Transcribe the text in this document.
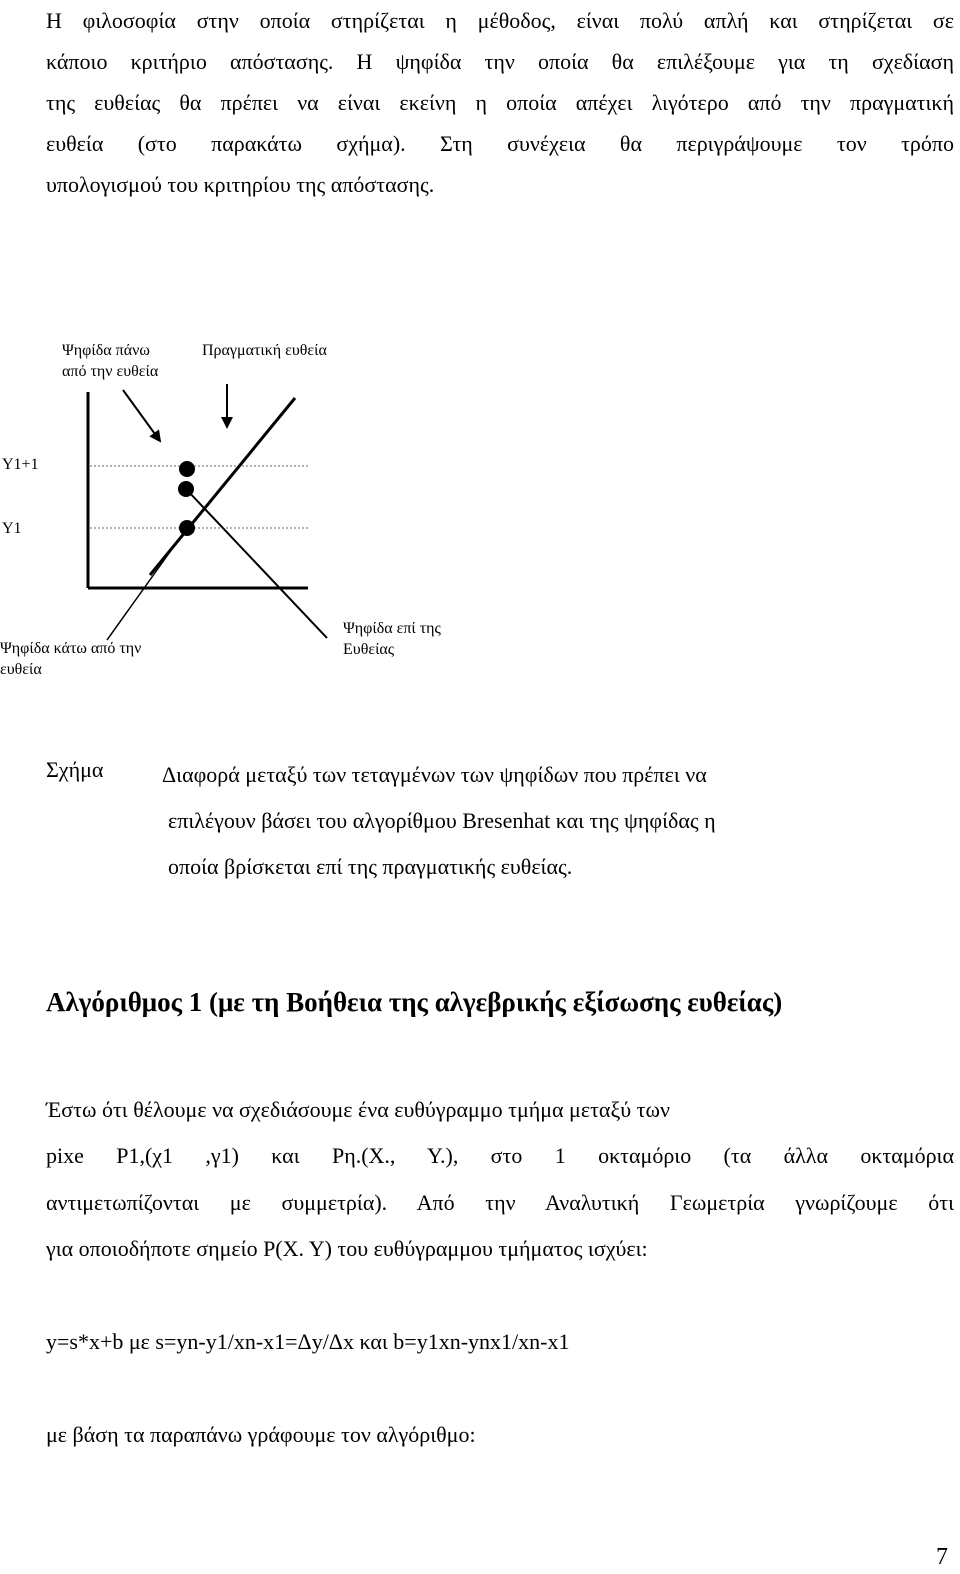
Η φιλοσοφία στην οποία στηρίζεται η μέθοδος, είναι πολύ απλή και στηρίζεται σε
κάποιο κριτήριο απόστασης. Η ψηφίδα την οποία θα επιλέξουμε για τη σχεδίαση
της ευθείας θα πρέπει να είναι εκείνη η οποία απέχει λιγότερο από την πραγματική
ευθεία (στο παρακάτω σχήμα). Στη συνέχεια θα περιγράψουμε τον τρόπο
υπολογισμού του κριτηρίου της απόστασης.
Ψηφίδα πάνω
από την ευθεία
Πραγματική ευθεία
Y1+1
Y1
Ψηφίδα κάτω από την
ευθεία
Ψηφίδα επί της
Ευθείας
Σχήμα	Διαφορά μεταξύ των τεταγμένων των ψηφίδων που πρέπει να
επιλέγουν βάσει του αλγορίθμου Bresenhat και της ψηφίδας η
οποία βρίσκεται επί της πραγματικής ευθείας.
Αλγόριθμος 1 (με τη Βοήθεια της αλγεβρικής εξίσωσης ευθείας)
Έστω ότι θέλουμε να σχεδιάσουμε ένα ευθύγραμμο τμήμα μεταξύ των
pixe P1,(χ1 ,γ1) και Pη.(X., Y.), στο 1 οκταμόριο (τα άλλα οκταμόρια
αντιμετωπίζονται με συμμετρία). Από την Αναλυτική Γεωμετρία γνωρίζουμε ότι
για οποιοδήποτε σημείο P(X. Y) του ευθύγραμμου τμήματος ισχύει:
y=s*x+b με s=yn-y1/xn-x1=Δy/Δx και b=y1xn-ynx1/xn-x1
με βάση τα παραπάνω γράφουμε τον αλγόριθμο:
7
